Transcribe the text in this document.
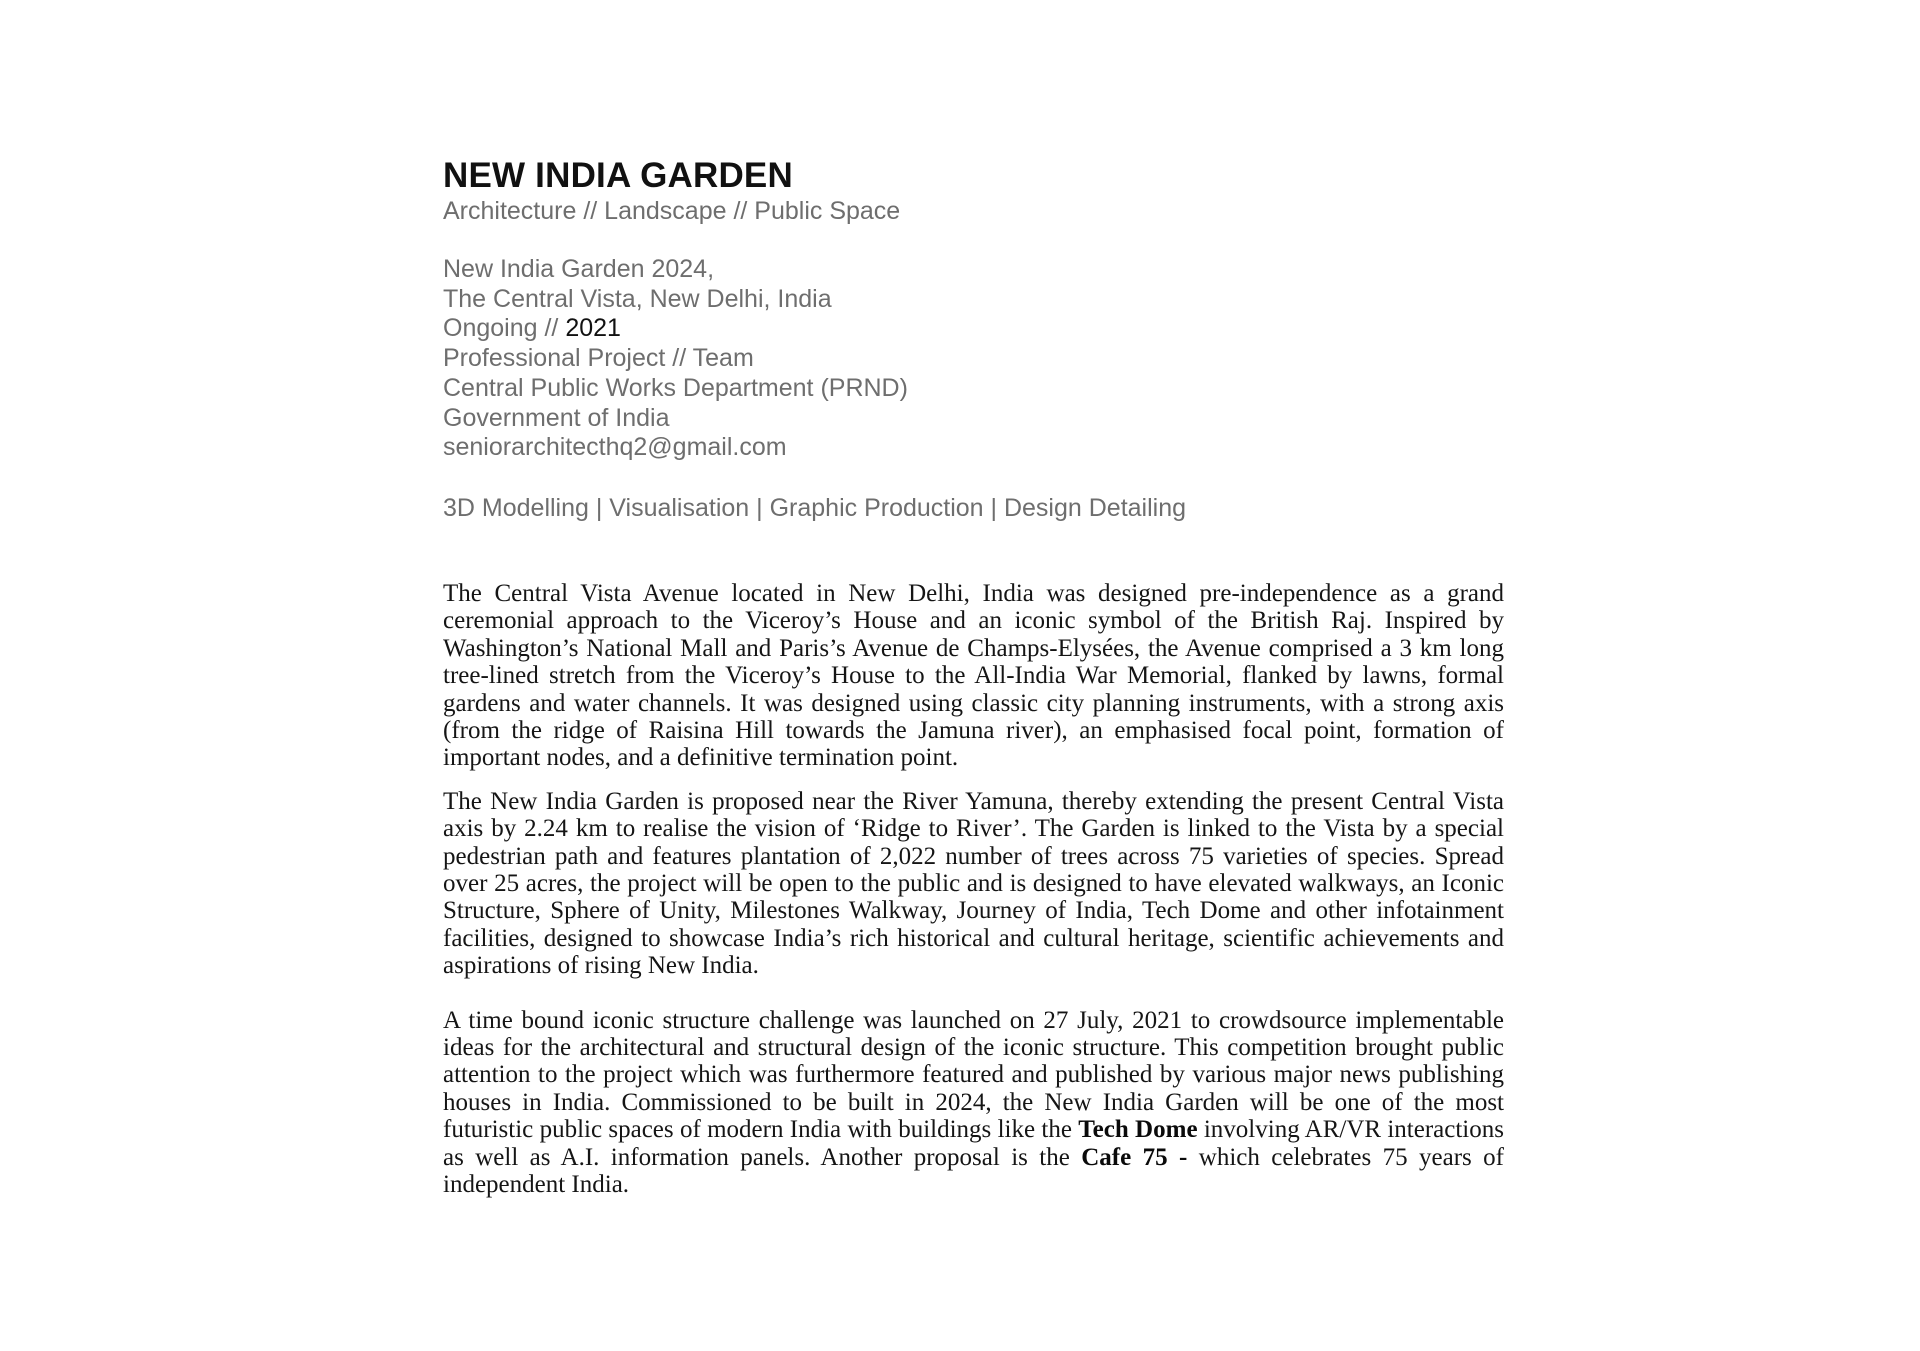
NEW INDIA GARDEN
Architecture // Landscape // Public Space
New India Garden 2024,
The Central Vista, New Delhi, India
Ongoing // 2021
Professional Project // Team
Central Public Works Department (PRND)
Government of India
seniorarchitecthq2@gmail.com
3D Modelling | Visualisation | Graphic Production | Design Detailing

The Central Vista Avenue located in New Delhi, India was designed pre-independence as a grand ceremonial approach to the Viceroy’s House and an iconic symbol of the British Raj. Inspired by Washington’s National Mall and Paris’s Avenue de Champs-Elysées, the Avenue comprised a 3 km long tree-lined stretch from the Viceroy’s House to the All-India War Memorial, flanked by lawns, formal gardens and water channels. It was designed using classic city planning instruments, with a strong axis (from the ridge of Raisina Hill towards the Jamuna river), an emphasised focal point, formation of important nodes, and a definitive termination point.

The New India Garden is proposed near the River Yamuna, thereby extending the present Central Vista axis by 2.24 km to realise the vision of ‘Ridge to River’. The Garden is linked to the Vista by a special pedestrian path and features plantation of 2,022 number of trees across 75 varieties of species. Spread over 25 acres, the project will be open to the public and is designed to have elevated walkways, an Iconic Structure, Sphere of Unity, Milestones Walkway, Journey of India, Tech Dome and other infotainment facilities, designed to showcase India’s rich historical and cultural heritage, scientific achievements and aspirations of rising New India.

A time bound iconic structure challenge was launched on 27 July, 2021 to crowdsource implementable ideas for the architectural and structural design of the iconic structure. This competition brought public attention to the project which was furthermore featured and published by various major news publishing houses in India. Commissioned to be built in 2024, the New India Garden will be one of the most futuristic public spaces of modern India with buildings like the Tech Dome involving AR/VR interactions as well as A.I. information panels. Another proposal is the Cafe 75 - which celebrates 75 years of independent India.
